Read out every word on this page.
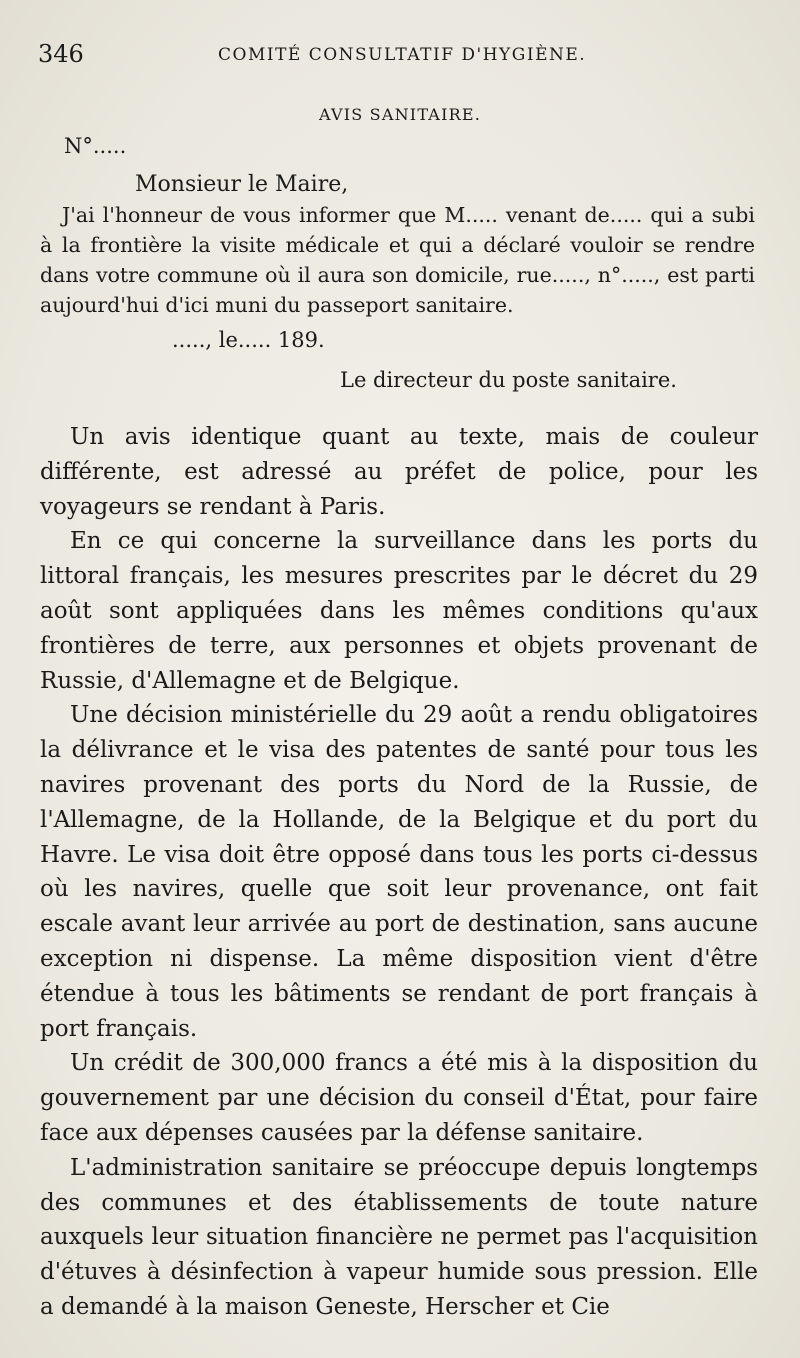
346	COMITÉ CONSULTATIF D'HYGIÈNE.
AVIS SANITAIRE.
N°.....
Monsieur le Maire,

J'ai l'honneur de vous informer que M..... venant de..... qui a subi à la frontière la visite médicale et qui a déclaré vouloir se rendre dans votre commune où il aura son domicile, rue....., n°....., est parti aujourd'hui d'ici muni du passeport sanitaire.

....., le..... 189.
Le directeur du poste sanitaire.

Un avis identique quant au texte, mais de couleur différente, est adressé au préfet de police, pour les voyageurs se rendant à Paris.

En ce qui concerne la surveillance dans les ports du littoral français, les mesures prescrites par le décret du 29 août sont appliquées dans les mêmes conditions qu'aux frontières de terre, aux personnes et objets provenant de Russie, d'Allemagne et de Belgique.

Une décision ministérielle du 29 août a rendu obligatoires la délivrance et le visa des patentes de santé pour tous les navires provenant des ports du Nord de la Russie, de l'Allemagne, de la Hollande, de la Belgique et du port du Havre. Le visa doit être opposé dans tous les ports ci-dessus où les navires, quelle que soit leur provenance, ont fait escale avant leur arrivée au port de destination, sans aucune exception ni dispense. La même disposition vient d'être étendue à tous les bâtiments se rendant de port français à port français.

Un crédit de 300,000 francs a été mis à la disposition du gouvernement par une décision du conseil d'État, pour faire face aux dépenses causées par la défense sanitaire.

L'administration sanitaire se préoccupe depuis longtemps des communes et des établissements de toute nature auxquels leur situation financière ne permet pas l'acquisition d'étuves à désinfection à vapeur humide sous pression. Elle a demandé à la maison Geneste, Herscher et Cie
